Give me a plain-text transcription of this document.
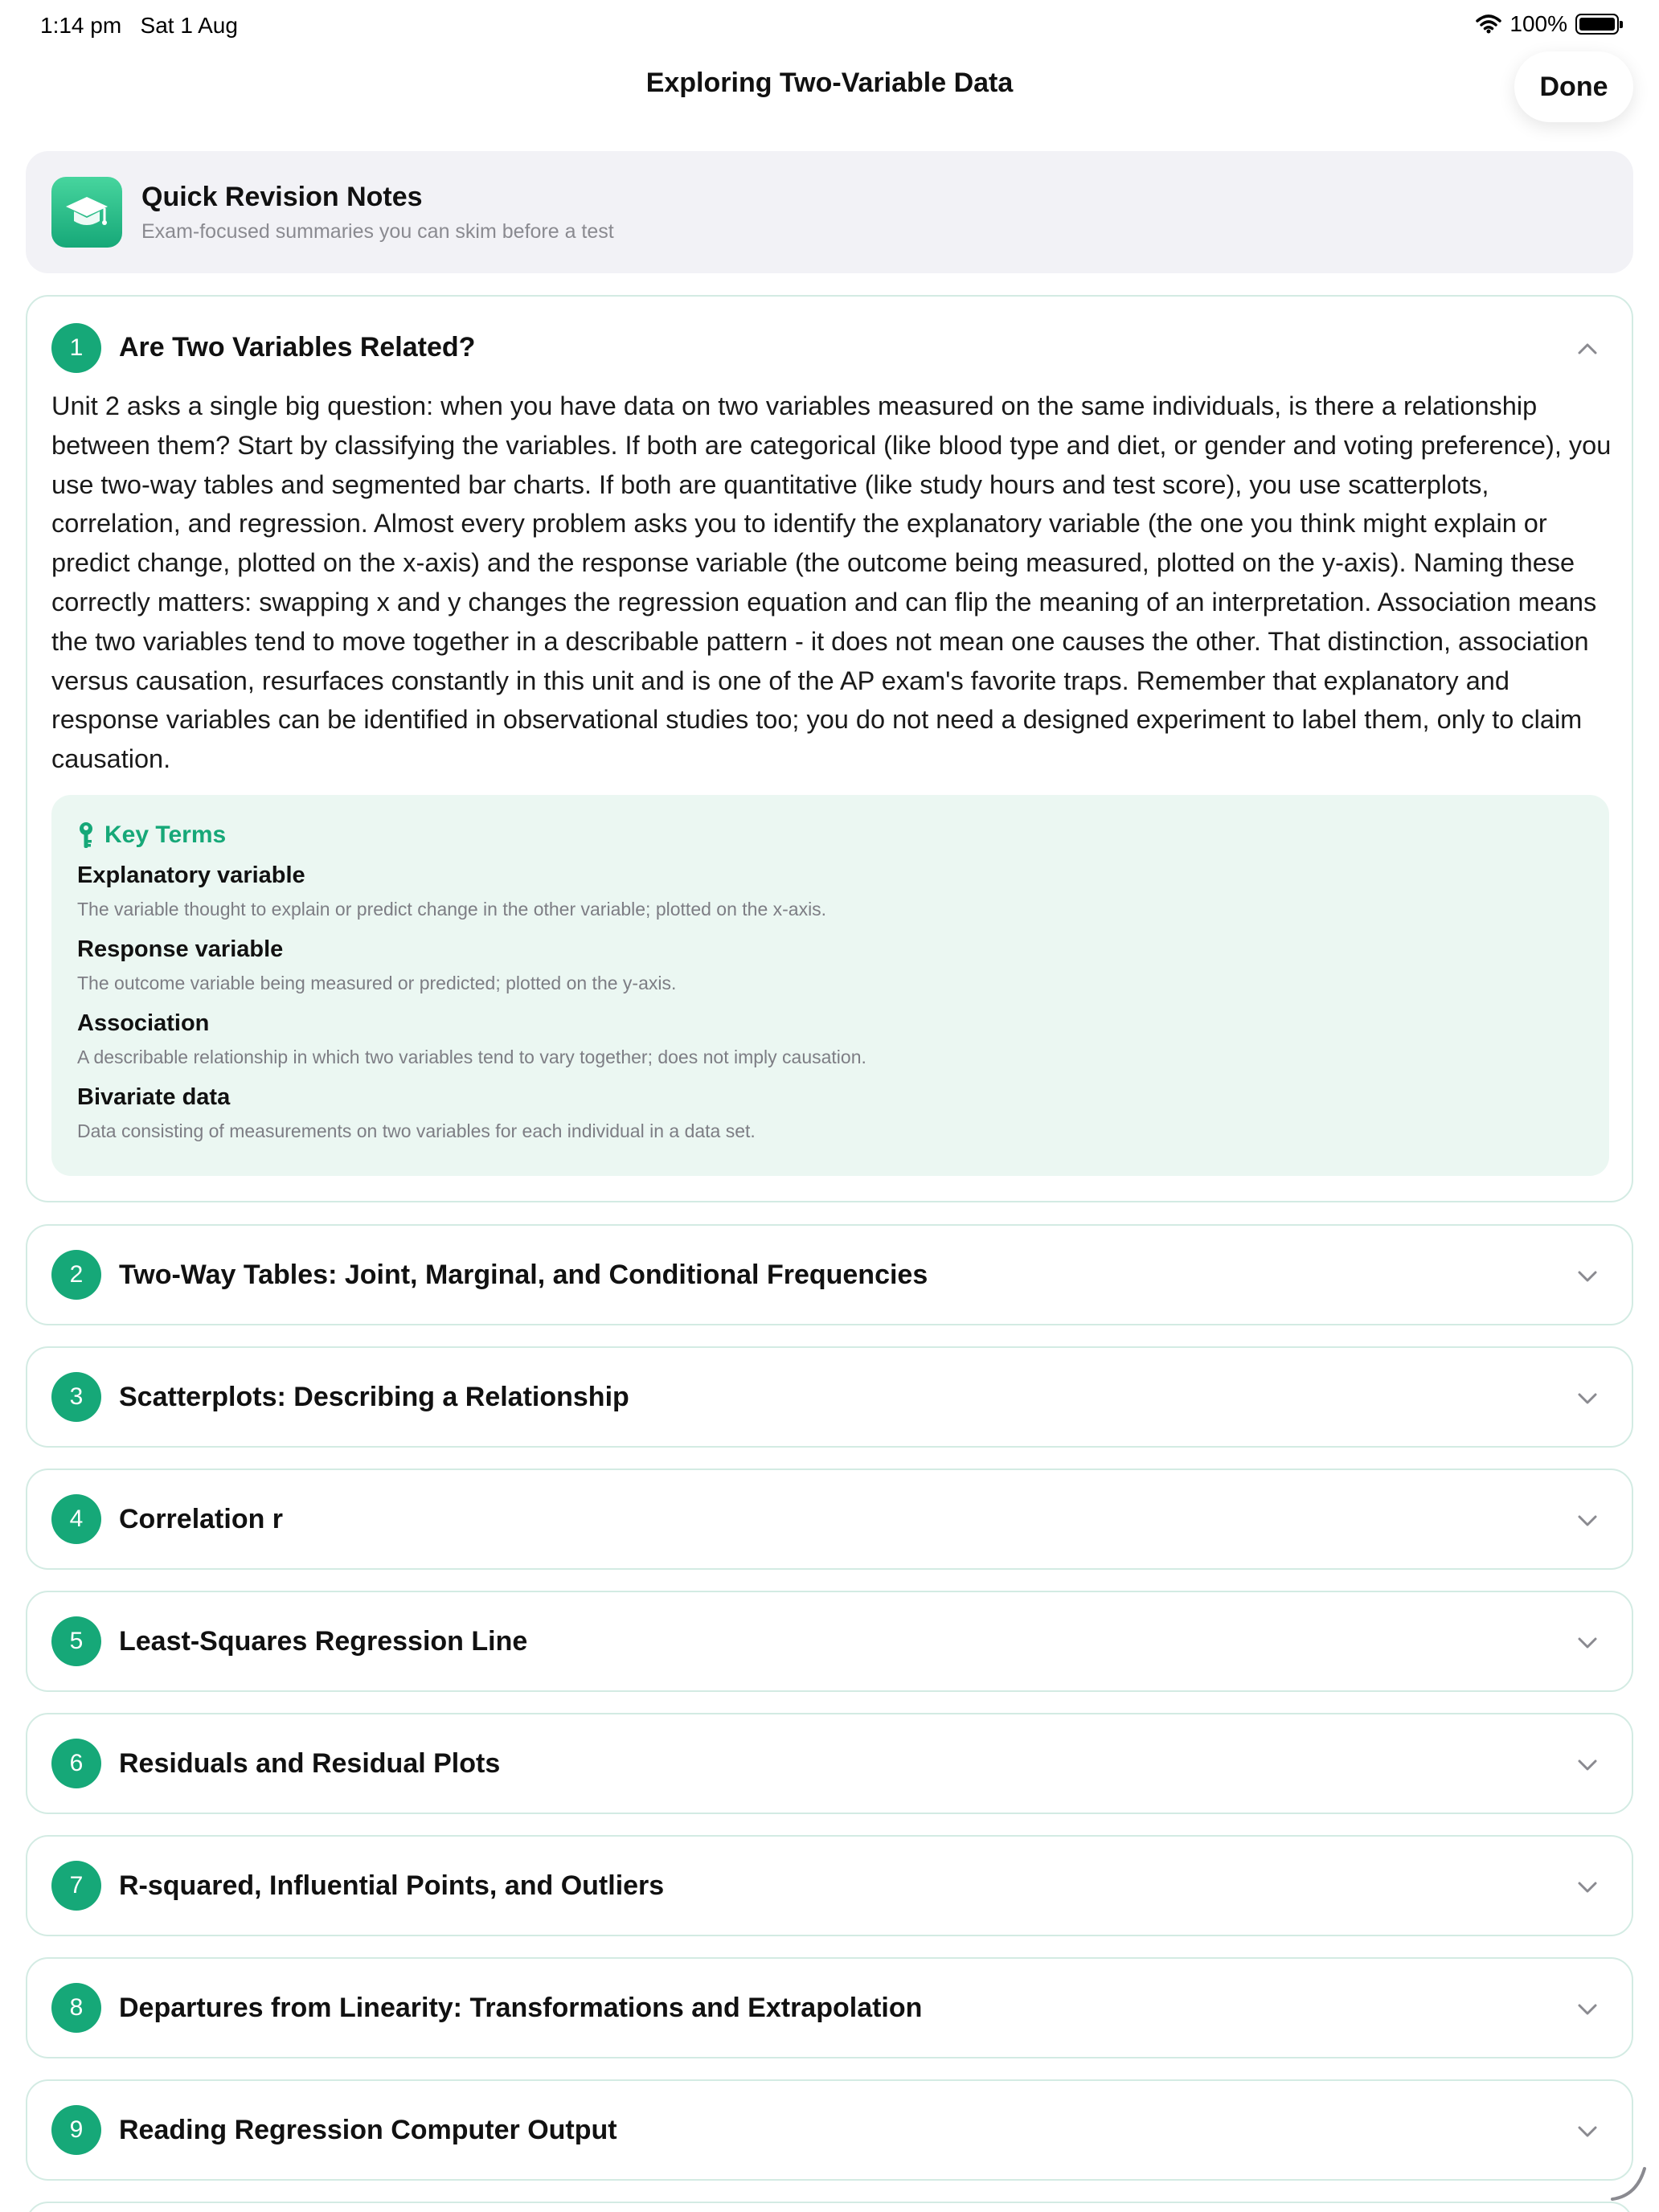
1:14 pm Sat 1 Aug	100%
Exploring Two-Variable Data	Done
Quick Revision Notes
Exam-focused summaries you can skim before a test
1	Are Two Variables Related?
Unit 2 asks a single big question: when you have data on two variables measured on the same individuals, is there a relationship between them? Start by classifying the variables. If both are categorical (like blood type and diet, or gender and voting preference), you use two-way tables and segmented bar charts. If both are quantitative (like study hours and test score), you use scatterplots, correlation, and regression. Almost every problem asks you to identify the explanatory variable (the one you think might explain or predict change, plotted on the x-axis) and the response variable (the outcome being measured, plotted on the y-axis). Naming these correctly matters: swapping x and y changes the regression equation and can flip the meaning of an interpretation. Association means the two variables tend to move together in a describable pattern - it does not mean one causes the other. That distinction, association versus causation, resurfaces constantly in this unit and is one of the AP exam's favorite traps. Remember that explanatory and response variables can be identified in observational studies too; you do not need a designed experiment to label them, only to claim causation.
Key Terms
Explanatory variable
The variable thought to explain or predict change in the other variable; plotted on the x-axis.
Response variable
The outcome variable being measured or predicted; plotted on the y-axis.
Association
A describable relationship in which two variables tend to vary together; does not imply causation.
Bivariate data
Data consisting of measurements on two variables for each individual in a data set.
2	Two-Way Tables: Joint, Marginal, and Conditional Frequencies
3	Scatterplots: Describing a Relationship
4	Correlation r
5	Least-Squares Regression Line
6	Residuals and Residual Plots
7	R-squared, Influential Points, and Outliers
8	Departures from Linearity: Transformations and Extrapolation
9	Reading Regression Computer Output
